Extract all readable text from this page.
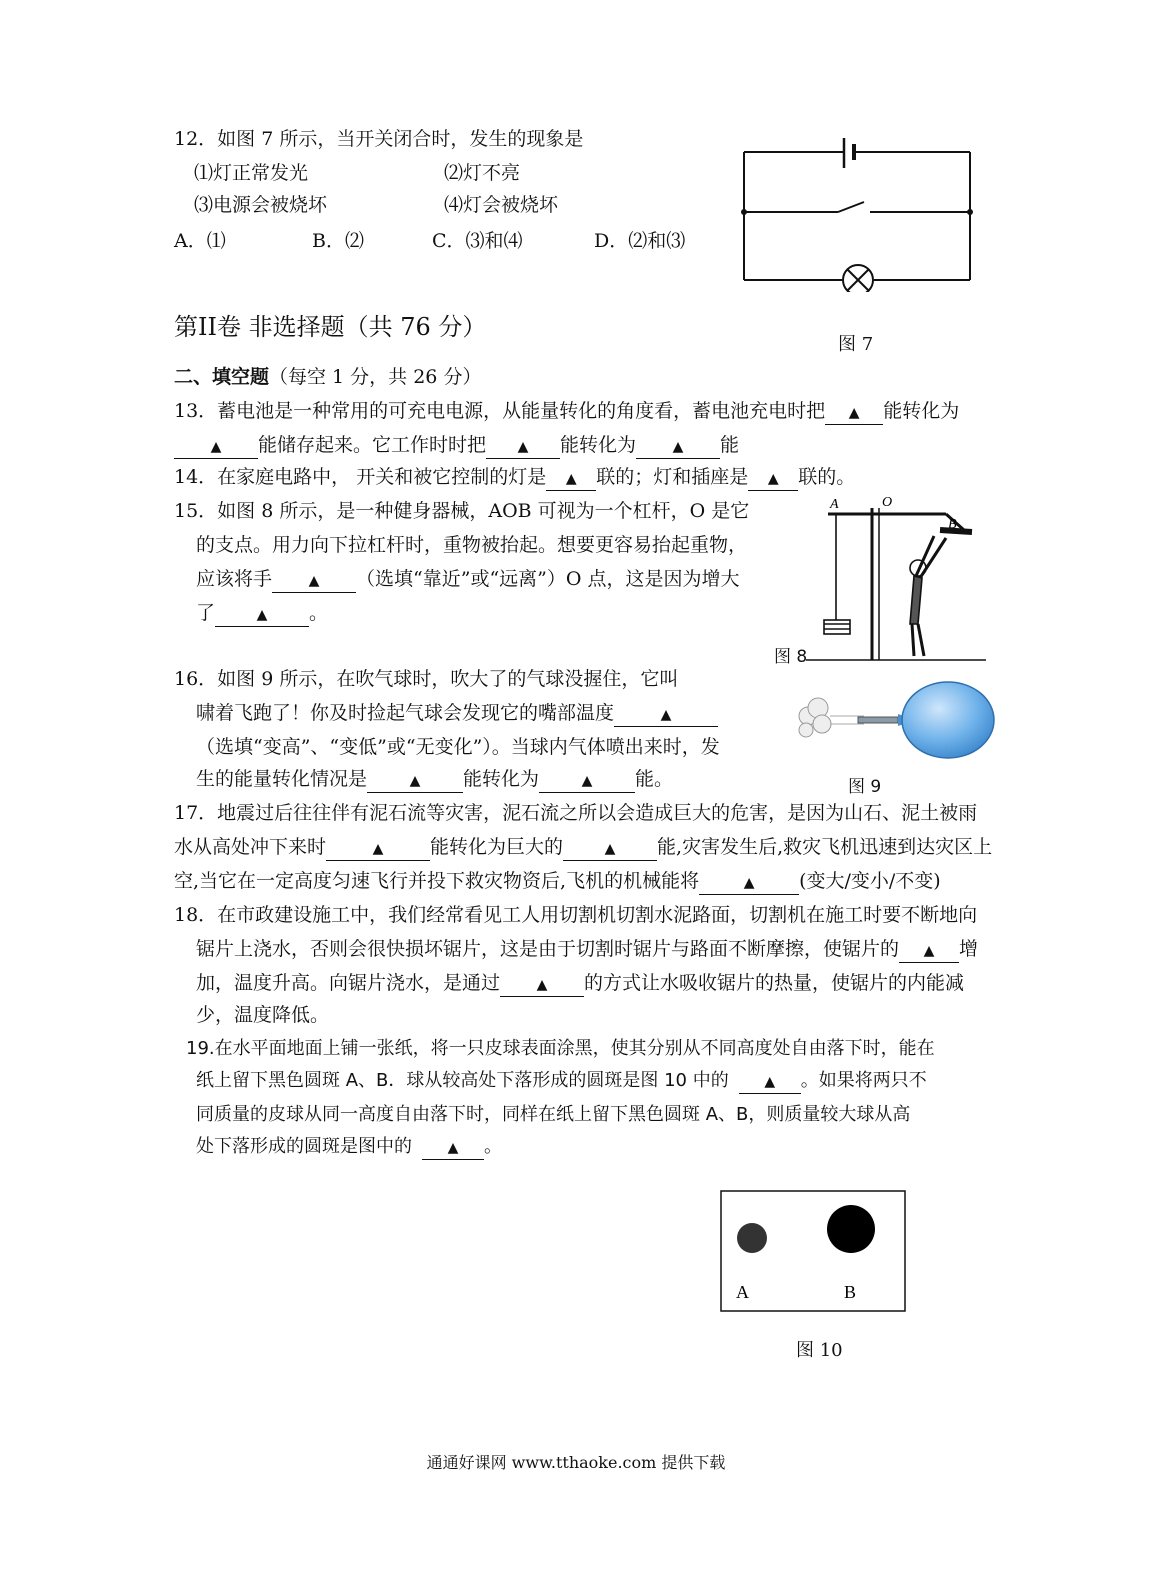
12．如图 7 所示，当开关闭合时，发生的现象是
⑴灯正常发光	⑵灯不亮
⑶电源会被烧坏	⑷灯会被烧坏
A．⑴	B．⑵	C．⑶和⑷	D．⑵和⑶
图 7
第II卷 非选择题（共 76 分）
二、填空题（每空 1 分，共 26 分）
13．蓄电池是一种常用的可充电电源，从能量转化的角度看，蓄电池充电时把 ▲ 能转化为
▲ 能储存起来。它工作时时把 ▲ 能转化为	▲ 能
14．在家庭电路中， 开关和被它控制的灯是 ▲ 联的；灯和插座是 ▲ 联的。
15．如图 8 所示，是一种健身器械，AOB 可视为一个杠杆，O 是它
的支点。用力向下拉杠杆时，重物被抬起。想要更容易抬起重物，
应该将手	▲ （选填“靠近”或“远离”）O 点，这是因为增大
了	▲ 。
A	O
B
图 8
16．如图 9 所示，在吹气球时，吹大了的气球没握住，它叫
啸着飞跑了！你及时捡起气球会发现它的嘴部温度	▲
（选填“变高”、“变低”或“无变化”）。当球内气体喷出来时，发
生的能量转化情况是	▲ 能转化为	▲ 能。	图 9
17．地震过后往往伴有泥石流等灾害，泥石流之所以会造成巨大的危害，是因为山石、泥土被雨
水从高处冲下来时	▲ 能转化为巨大的	▲ 能,灾害发生后,救灾飞机迅速到达灾区上
空,当它在一定高度匀速飞行并投下救灾物资后,飞机的机械能将	▲ (变大/变小/不变)
18．在市政建设施工中，我们经常看见工人用切割机切割水泥路面，切割机在施工时要不断地向
锯片上浇水，否则会很快损坏锯片，这是由于切割时锯片与路面不断摩擦，使锯片的 ▲ 增
加，温度升高。向锯片浇水，是通过	▲ 的方式让水吸收锯片的热量，使锯片的内能减
少，温度降低。
19.在水平面地面上铺一张纸，将一只皮球表面涂黑，使其分别从不同高度处自由落下时，能在
纸上留下黑色圆斑 A、B．球从较高处下落形成的圆斑是图 10 中的	▲ 。如果将两只不
同质量的皮球从同一高度自由落下时，同样在纸上留下黑色圆斑 A、B，则质量较大球从高
处下落形成的圆斑是图中的	▲ 。
A	B
图 10
通通好课网 www.tthaoke.com 提供下载
